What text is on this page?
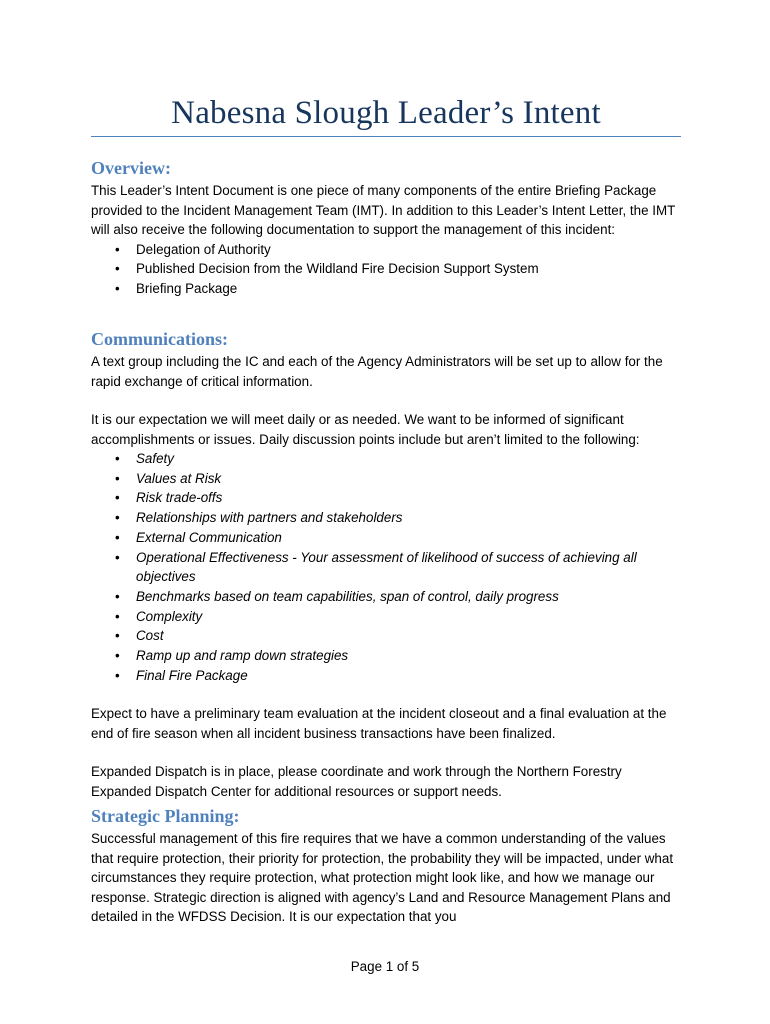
Nabesna Slough Leader’s Intent
Overview:

This Leader’s Intent Document is one piece of many components of the entire Briefing Package provided to the Incident Management Team (IMT). In addition to this Leader’s Intent Letter, the IMT will also receive the following documentation to support the management of this incident:

• Delegation of Authority
• Published Decision from the Wildland Fire Decision Support System
• Briefing Package
Communications:

A text group including the IC and each of the Agency Administrators will be set up to allow for the rapid exchange of critical information.

It is our expectation we will meet daily or as needed. We want to be informed of significant accomplishments or issues. Daily discussion points include but aren’t limited to the following:

• Safety
• Values at Risk
• Risk trade-offs
• Relationships with partners and stakeholders
• External Communication
• Operational Effectiveness - Your assessment of likelihood of success of achieving all objectives
• Benchmarks based on team capabilities, span of control, daily progress
• Complexity
• Cost
• Ramp up and ramp down strategies
• Final Fire Package

Expect to have a preliminary team evaluation at the incident closeout and a final evaluation at the end of fire season when all incident business transactions have been finalized.

Expanded Dispatch is in place, please coordinate and work through the Northern Forestry Expanded Dispatch Center for additional resources or support needs.

Strategic Planning:

Successful management of this fire requires that we have a common understanding of the values that require protection, their priority for protection, the probability they will be impacted, under what circumstances they require protection, what protection might look like, and how we manage our response. Strategic direction is aligned with agency’s Land and Resource Management Plans and detailed in the WFDSS Decision. It is our expectation that you

Page 1 of 5
